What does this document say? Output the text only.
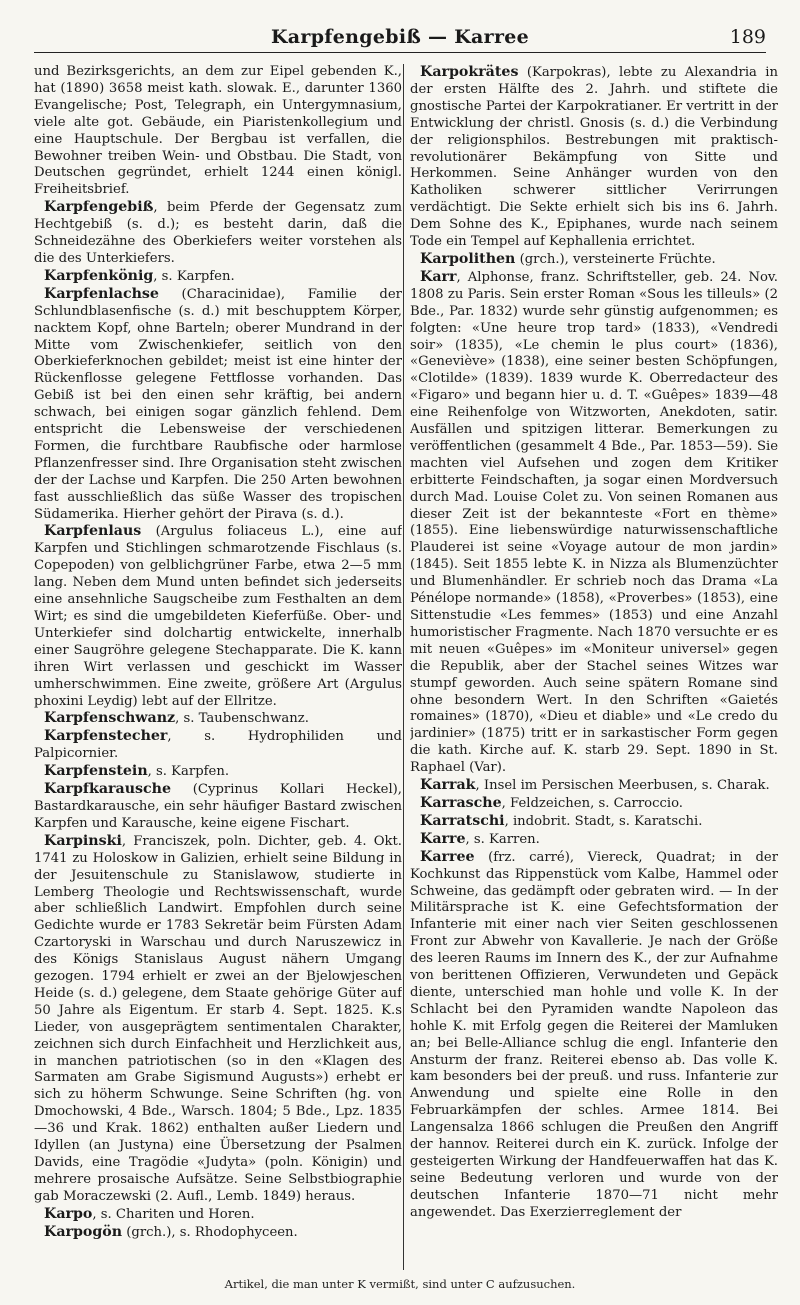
Karpfengebiß — Karree	189

und Bezirksgerichts, an dem zur Eipel gebenden K., hat (1890) 3658 meist kath. slowak. E., darunter 1360 Evangelische; Post, Telegraph, ein Untergymnasium, viele alte got. Gebäude, ein Piaristenkollegium und eine Hauptschule. Der Bergbau ist verfallen, die Bewohner treiben Wein- und Obstbau. Die Stadt, von Deutschen gegründet, erhielt 1244 einen königl. Freiheitsbrief.

Karpfengebiß, beim Pferde der Gegensatz zum Hechtgebiß (s. d.); es besteht darin, daß die Schneidezähne des Oberkiefers weiter vorstehen als die des Unterkiefers.

Karpfenkönig, s. Karpfen.

Karpfenlachse (Characinidae), Familie der Schlundblasenfische (s. d.) mit beschupptem Körper, nacktem Kopf, ohne Barteln; oberer Mundrand in der Mitte vom Zwischenkiefer, seitlich von den Oberkieferknochen gebildet; meist ist eine hinter der Rückenflosse gelegene Fettflosse vorhanden. Das Gebiß ist bei den einen sehr kräftig, bei andern schwach, bei einigen sogar gänzlich fehlend. Dem entspricht die Lebensweise der verschiedenen Formen, die furchtbare Raubfische oder harmlose Pflanzenfresser sind. Ihre Organisation steht zwischen der der Lachse und Karpfen. Die 250 Arten bewohnen fast ausschließlich das süße Wasser des tropischen Südamerika. Hierher gehört der Pirava (s. d.).

Karpfenlaus (Argulus foliaceus L.), eine auf Karpfen und Stichlingen schmarotzende Fischlaus (s. Copepoden) von gelblichgrüner Farbe, etwa 2—5 mm lang. Neben dem Mund unten befindet sich jederseits eine ansehnliche Saugscheibe zum Festhalten an dem Wirt; es sind die umgebildeten Kieferfüße. Ober- und Unterkiefer sind dolchartig entwickelte, innerhalb einer Saugröhre gelegene Stechapparate. Die K. kann ihren Wirt verlassen und geschickt im Wasser umherschwimmen. Eine zweite, größere Art (Argulus phoxini Leydig) lebt auf der Ellritze.

Karpfenschwanz, s. Taubenschwanz.

Karpfenstecher, s. Hydrophiliden und Palpicornier.

Karpfenstein, s. Karpfen.

Karpfkarausche (Cyprinus Kollari Heckel), Bastardkarausche, ein sehr häufiger Bastard zwischen Karpfen und Karausche, keine eigene Fischart.

Karpinski, Franciszek, poln. Dichter, geb. 4. Okt. 1741 zu Holoskow in Galizien, erhielt seine Bildung in der Jesuitenschule zu Stanislawow, studierte in Lemberg Theologie und Rechtswissenschaft, wurde aber schließlich Landwirt. Empfohlen durch seine Gedichte wurde er 1783 Sekretär beim Fürsten Adam Czartoryski in Warschau und durch Naruszewicz in des Königs Stanislaus August nähern Umgang gezogen. 1794 erhielt er zwei an der Bjelowjeschen Heide (s. d.) gelegene, dem Staate gehörige Güter auf 50 Jahre als Eigentum. Er starb 4. Sept. 1825. K.s Lieder, von ausgeprägtem sentimentalen Charakter, zeichnen sich durch Einfachheit und Herzlichkeit aus, in manchen patriotischen (so in den «Klagen des Sarmaten am Grabe Sigismund Augusts») erhebt er sich zu höherm Schwunge. Seine Schriften (hg. von Dmochowski, 4 Bde., Warsch. 1804; 5 Bde., Lpz. 1835—36 und Krak. 1862) enthalten außer Liedern und Idyllen (an Justyna) eine Übersetzung der Psalmen Davids, eine Tragödie «Judyta» (poln. Königin) und mehrere prosaische Aufsätze. Seine Selbstbiographie gab Moraczewski (2. Aufl., Lemb. 1849) heraus.

Karpo, s. Chariten und Horen.

Karpogön (grch.), s. Rhodophyceen.

Karpokrätes (Karpokras), lebte zu Alexandria in der ersten Hälfte des 2. Jahrh. und stiftete die gnostische Partei der Karpokratianer. Er vertritt in der Entwicklung der christl. Gnosis (s. d.) die Verbindung der religionsphilos. Bestrebungen mit praktisch-revolutionärer Bekämpfung von Sitte und Herkommen. Seine Anhänger wurden von den Katholiken schwerer sittlicher Verirrungen verdächtigt. Die Sekte erhielt sich bis ins 6. Jahrh. Dem Sohne des K., Epiphanes, wurde nach seinem Tode ein Tempel auf Kephallenia errichtet.

Karpolithen (grch.), versteinerte Früchte.

Karr, Alphonse, franz. Schriftsteller, geb. 24. Nov. 1808 zu Paris. Sein erster Roman «Sous les tilleuls» (2 Bde., Par. 1832) wurde sehr günstig aufgenommen; es folgten: «Une heure trop tard» (1833), «Vendredi soir» (1835), «Le chemin le plus court» (1836), «Geneviève» (1838), eine seiner besten Schöpfungen, «Clotilde» (1839). 1839 wurde K. Oberredacteur des «Figaro» und begann hier u. d. T. «Guêpes» 1839—48 eine Reihenfolge von Witzworten, Anekdoten, satir. Ausfällen und spitzigen litterar. Bemerkungen zu veröffentlichen (gesammelt 4 Bde., Par. 1853—59). Sie machten viel Aufsehen und zogen dem Kritiker erbitterte Feindschaften, ja sogar einen Mordversuch durch Mad. Louise Colet zu. Von seinen Romanen aus dieser Zeit ist der bekannteste «Fort en thème» (1855). Eine liebenswürdige naturwissenschaftliche Plauderei ist seine «Voyage autour de mon jardin» (1845). Seit 1855 lebte K. in Nizza als Blumenzüchter und Blumenhändler. Er schrieb noch das Drama «La Pénélope normande» (1858), «Proverbes» (1853), eine Sittenstudie «Les femmes» (1853) und eine Anzahl humoristischer Fragmente. Nach 1870 versuchte er es mit neuen «Guêpes» im «Moniteur universel» gegen die Republik, aber der Stachel seines Witzes war stumpf geworden. Auch seine spätern Romane sind ohne besondern Wert. In den Schriften «Gaietés romaines» (1870), «Dieu et diable» und «Le credo du jardinier» (1875) tritt er in sarkastischer Form gegen die kath. Kirche auf. K. starb 29. Sept. 1890 in St. Raphael (Var).

Karrak, Insel im Persischen Meerbusen, s. Charak.

Karrasche, Feldzeichen, s. Carroccio.

Karratschi, indobrit. Stadt, s. Karatschi.

Karre, s. Karren.

Karree (frz. carré), Viereck, Quadrat; in der Kochkunst das Rippenstück vom Kalbe, Hammel oder Schweine, das gedämpft oder gebraten wird. — In der Militärsprache ist K. eine Gefechtsformation der Infanterie mit einer nach vier Seiten geschlossenen Front zur Abwehr von Kavallerie. Je nach der Größe des leeren Raums im Innern des K., der zur Aufnahme von berittenen Offizieren, Verwundeten und Gepäck diente, unterschied man hohle und volle K. In der Schlacht bei den Pyramiden wandte Napoleon das hohle K. mit Erfolg gegen die Reiterei der Mamluken an; bei Belle-Alliance schlug die engl. Infanterie den Ansturm der franz. Reiterei ebenso ab. Das volle K. kam besonders bei der preuß. und russ. Infanterie zur Anwendung und spielte eine Rolle in den Februarkämpfen der schles. Armee 1814. Bei Langensalza 1866 schlugen die Preußen den Angriff der hannov. Reiterei durch ein K. zurück. Infolge der gesteigerten Wirkung der Handfeuerwaffen hat das K. seine Bedeutung verloren und wurde von der deutschen Infanterie 1870—71 nicht mehr angewendet. Das Exerzierreglement der

Artikel, die man unter K vermißt, sind unter C aufzusuchen.
